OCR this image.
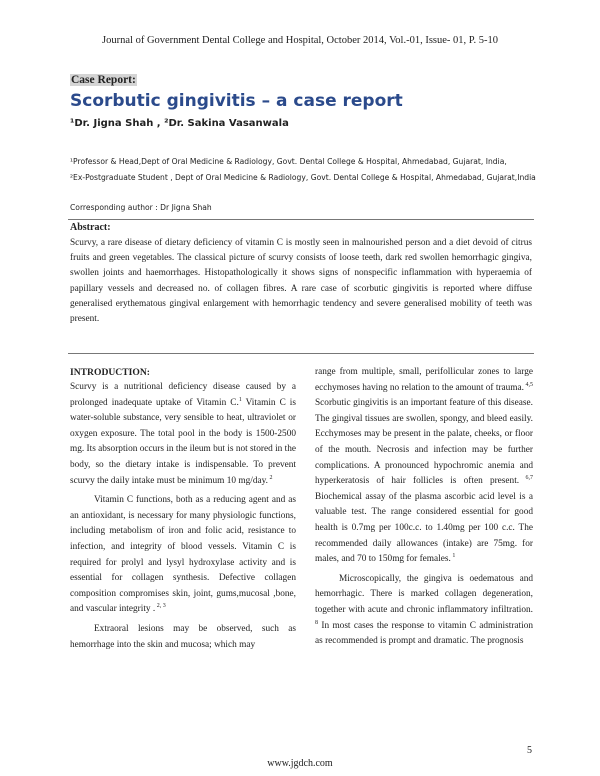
Journal of Government Dental College and Hospital, October 2014, Vol.-01, Issue- 01, P. 5-10
Case Report:
Scorbutic gingivitis – a case report
¹Dr. Jigna Shah , ²Dr. Sakina Vasanwala
¹Professor & Head,Dept of Oral Medicine & Radiology, Govt. Dental College & Hospital, Ahmedabad, Gujarat, India,
²Ex-Postgraduate Student , Dept of Oral Medicine & Radiology, Govt. Dental College & Hospital, Ahmedabad, Gujarat,India
Corresponding author : Dr Jigna Shah
Abstract:
Scurvy, a rare disease of dietary deficiency of vitamin C is mostly seen in malnourished person and a diet devoid of citrus fruits and green vegetables. The classical picture of scurvy consists of loose teeth, dark red swollen hemorrhagic gingiva, swollen joints and haemorrhages. Histopathologically it shows signs of nonspecific inflammation with hyperaemia of papillary vessels and decreased no. of collagen fibres. A rare case of scorbutic gingivitis is reported where diffuse generalised erythematous gingival enlargement with hemorrhagic tendency and severe generalised mobility of teeth was present.
INTRODUCTION:

Scurvy is a nutritional deficiency disease caused by a prolonged inadequate uptake of Vitamin C.$^1$ Vitamin C is water-soluble substance, very sensible to heat, ultraviolet or oxygen exposure. The total pool in the body is 1500-2500 mg. Its absorption occurs in the ileum but is not stored in the body, so the dietary intake is indispensable. To prevent scurvy the daily intake must be minimum 10 mg/day. $^2$

Vitamin C functions, both as a reducing agent and as an antioxidant, is necessary for many physiologic functions, including metabolism of iron and folic acid, resistance to infection, and integrity of blood vessels. Vitamin C is required for prolyl and lysyl hydroxylase activity and is essential for collagen synthesis. Defective collagen composition compromises skin, joint, gums,mucosal ,bone, and vascular integrity . $^{2, 3}$

Extraoral lesions may be observed, such as hemorrhage into the skin and mucosa; which may

range from multiple, small, perifollicular zones to large ecchymoses having no relation to the amount of trauma. $^{4,5}$ Scorbutic gingivitis is an important feature of this disease. The gingival tissues are swollen, spongy, and bleed easily. Ecchymoses may be present in the palate, cheeks, or floor of the mouth. Necrosis and infection may be further complications. A pronounced hypochromic anemia and hyperkeratosis of hair follicles is often present. $^{6,7}$ Biochemical assay of the plasma ascorbic acid level is a valuable test. The range considered essential for good health is 0.7mg per 100c.c. to 1.40mg per 100 c.c. The recommended daily allowances (intake) are 75mg. for males, and 70 to 150mg for females. $^1$

Microscopically, the gingiva is oedematous and hemorrhagic. There is marked collagen degeneration, together with acute and chronic inflammatory infiltration. $^8$ In most cases the response to vitamin C administration as recommended is prompt and dramatic. The prognosis

5
www.jgdch.com
